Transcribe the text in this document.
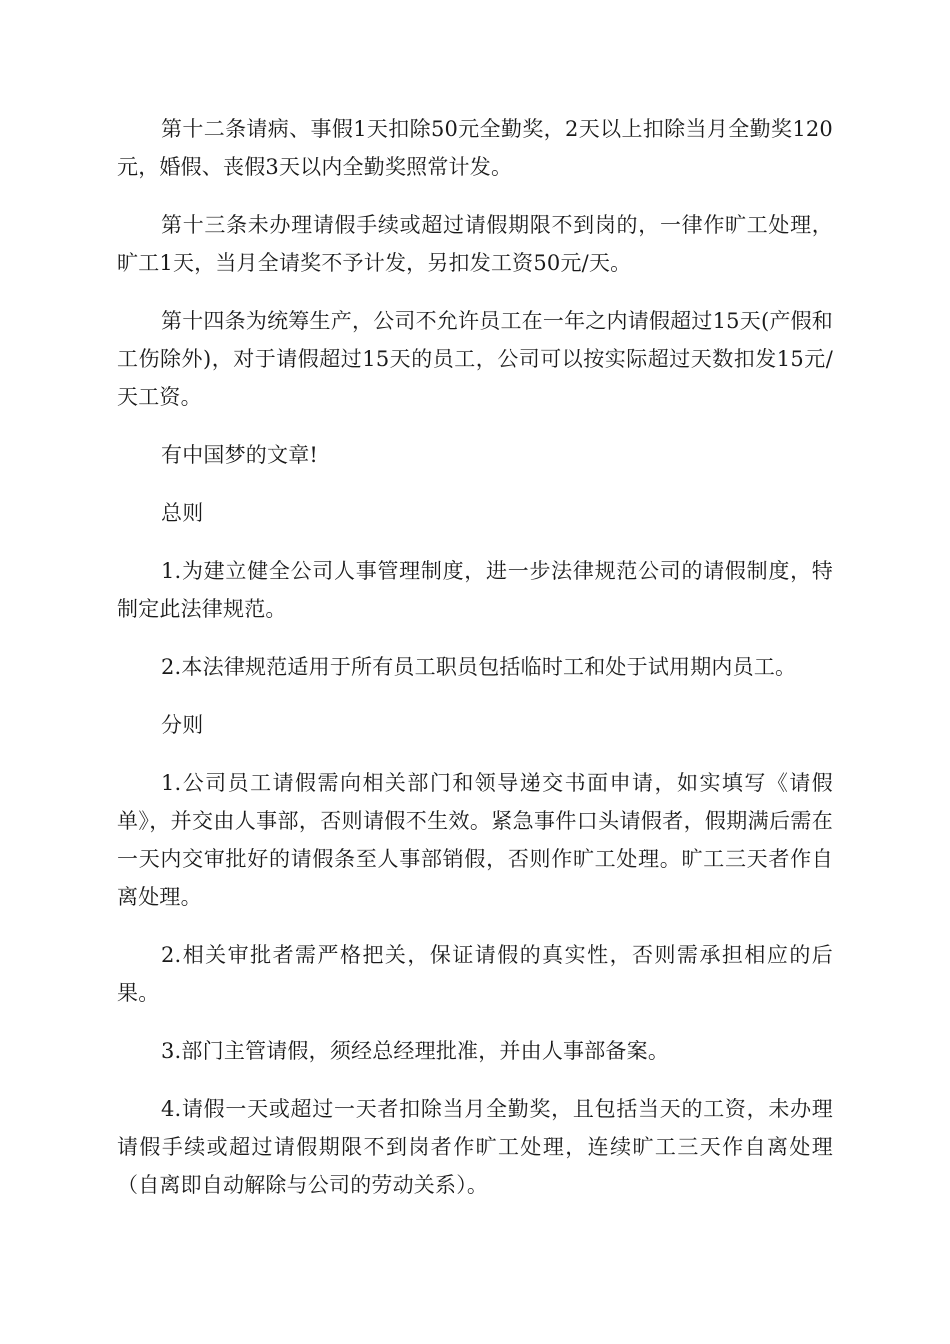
第十二条请病、事假1天扣除50元全勤奖，2天以上扣除当月全勤奖120元，婚假、丧假3天以内全勤奖照常计发。

第十三条未办理请假手续或超过请假期限不到岗的，一律作旷工处理，旷工1天，当月全请奖不予计发，另扣发工资50元/天。

第十四条为统筹生产，公司不允许员工在一年之内请假超过15天(产假和工伤除外)，对于请假超过15天的员工，公司可以按实际超过天数扣发15元/天工资。

有中国梦的文章!

总则

1.为建立健全公司人事管理制度，进一步法律规范公司的请假制度，特制定此法律规范。

2.本法律规范适用于所有员工职员包括临时工和处于试用期内员工。

分则

1.公司员工请假需向相关部门和领导递交书面申请，如实填写《请假单》，并交由人事部，否则请假不生效。紧急事件口头请假者，假期满后需在一天内交审批好的请假条至人事部销假，否则作旷工处理。旷工三天者作自离处理。

2.相关审批者需严格把关，保证请假的真实性，否则需承担相应的后果。

3.部门主管请假，须经总经理批准，并由人事部备案。

4.请假一天或超过一天者扣除当月全勤奖，且包括当天的工资，未办理请假手续或超过请假期限不到岗者作旷工处理，连续旷工三天作自离处理（自离即自动解除与公司的劳动关系）。
